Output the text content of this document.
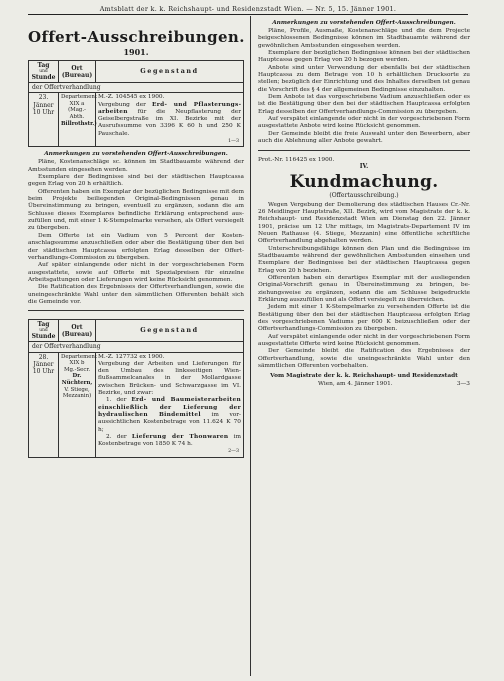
Amtsblatt der k. k. Reichshaupt- und Residenzstadt Wien. — Nr. 5, 15. Jänner 1901.
Offert-Ausschreibungen.
1901.
Tag
und
Stunde
Ort
(Bureau)
Gegenstand
der Offertverhandlung
23. Jänner
10 Uhr
Departement
XIX a
(Mag.-Abth.
Billrothstr.)
M.-Z. 104545 ex 1900.
Vergebung der Erd- und Pflasterungsarbeiten für die Neupflasterung der Geiselbergstraße im XI. Bezirke mit der Ausrufssumme von 3396 K 60 h und 250 K Pauschale.
1—3
Anmerkungen zu vorstehenden Offert-Ausschreibungen.

Pläne, Kostenanschläge sc. können im Stadtbauamte während der Amtsstunden eingesehen werden.

Exemplare der Bedingnisse sind bei der städtischen Hauptcassa gegen Erlag von 20 h erhältlich.

Offerenten haben ein Exemplar der bezüglichen Bedingnisse mit dem beim Projekte beiliegenden Original-Bedingnissen genau in Übereinstimmung zu bringen, eventuell zu ergänzen, sodann die am Schlusse dieses Exemplares befindliche Erklärung entsprechend auszufüllen und, mit einer 1 K-Stempelmarke versehen, als Offert versiegelt zu übergeben.

Dem Offerte ist ein Vadium von 5 Percent der Kostenanschlagssumme anzuschließen oder aber die Bestätigung über den bei der städtischen Hauptcassa erfolgten Erlag desselben der Offertverhandlungs-Commission zu übergeben.

Auf später einlangende oder nicht in der vorgeschriebenen Form ausgestattete, sowie auf Offerte mit Spezialpreisen für einzelne Arbeitsgattungen oder Lieferungen wird keine Rücksicht genommen.

Die Ratification des Ergebnisses der Offertverhandlungen, sowie die uneingeschränkte Wahl unter den sämmtlichen Offerenten behält sich die Gemeinde vor.

Tag
und
Stunde
Ort
(Bureau)
Gegenstand
der Offertverhandlung
28. Jänner
10 Uhr
Departement
XIX b
Mg.-Secr.
Dr.
Nüchtern,
V. Stiege,
Mezzanin)
M.-Z. 127732 ex 1900.
Vergebung der Arbeiten und Lieferungen für den Umbau des linksseitigen Wienflußsammelcanales in der Mollardgasse zwischen Brücken- und Schwarzgasse im VI. Bezirke, und zwar:
1. der Erd- und Baumeisterarbeiten einschließlich der Lieferung der hydraulischen Bindemittel im voraussichtlichen Kostenbetrage von 11.624 K 70 h;
2. der Lieferung der Thonwaren im Kostenbetrage von 1850 K 74 h.
2—3
Anmerkungen zu vorstehenden Offert-Ausschreibungen.

Pläne, Profile, Ausmaße, Kostenanschläge und die dem Projecte beigeschlossenen Bedingnisse können im Stadtbauamte während der gewöhnlichen Amtsstunden eingesehen werden.

Exemplare der bezüglichen Bedingnisse können bei der städtischen Hauptcassa gegen Erlag von 20 h bezogen werden.

Anbote sind unter Verwendung der ebenfalls bei der städtischen Hauptcassa zu dem Betrage von 10 h erhältlichen Drucksorte zu stellen; bezüglich der Einrichtung und des Inhaltes derselben ist genau die Vorschrift des § 4 der allgemeinen Bedingnisse einzuhalten.

Dem Anbote ist das vorgeschriebene Vadium anzuschließen oder es ist die Bestätigung über den bei der städtischen Hauptcassa erfolgten Erlag desselben der Offertverhandlungs-Commission zu übergeben.

Auf verspätet einlangende oder nicht in der vorgeschriebenen Form ausgestattete Anbote wird keine Rücksicht genommen.

Der Gemeinde bleibt die freie Auswahl unter den Bewerbern, aber auch die Ablehnung aller Anbote gewahrt.

Prot.-Nr. 116425 ex 1900.
IV.
Kundmachung.
(Offertausschreibung.)

Wegen Vergebung der Demolierung des städtischen Hauses Cr.-Nr. 26 Meidlinger Hauptstraße, XII. Bezirk, wird vom Magistrate der k. k. Reichshaupt- und Residenzstadt Wien am Dienstag den 22. Jänner 1901, präcise um 12 Uhr mittags, im Magistrats-Departement IV im Neuen Rathause (4. Stiege, Mezzanin) eine öffentliche schriftliche Offertverhandlung abgehalten werden.

Unterschreibungsfähige können den Plan und die Bedingnisse im Stadtbauamte während der gewöhnlichen Amtsstunden einsehen und Exemplare der Bedingnisse bei der städtischen Hauptcassa gegen Erlag von 20 h beziehen.

Offerenten haben ein derartiges Exemplar mit der ausliegenden Original-Vorschrift genau in Übereinstimmung zu bringen, beziehungsweise zu ergänzen, sodann die am Schlusse beigedruckte Erklärung auszufüllen und als Offert versiegelt zu überreichen.

Jedem mit einer 1 K-Stempelmarke zu versehenden Offerte ist die Bestätigung über den bei der städtischen Hauptcassa erfolgten Erlag des vorgeschriebenen Vadiums per 600 K beizuschließen oder der Offertverhandlungs-Commission zu übergeben.

Auf verspätet einlangende oder nicht in der vorgeschriebenen Form ausgestattete Offerte wird keine Rücksicht genommen.

Der Gemeinde bleibt die Ratification des Ergebnisses der Offertverhandlung, sowie die uneingeschränkte Wahl unter den sämmtlichen Offerenten vorbehalten.

Vom Magistrate der k. k. Reichshaupt- und Residenzstadt
Wien, am 4. Jänner 1901.	3—3
